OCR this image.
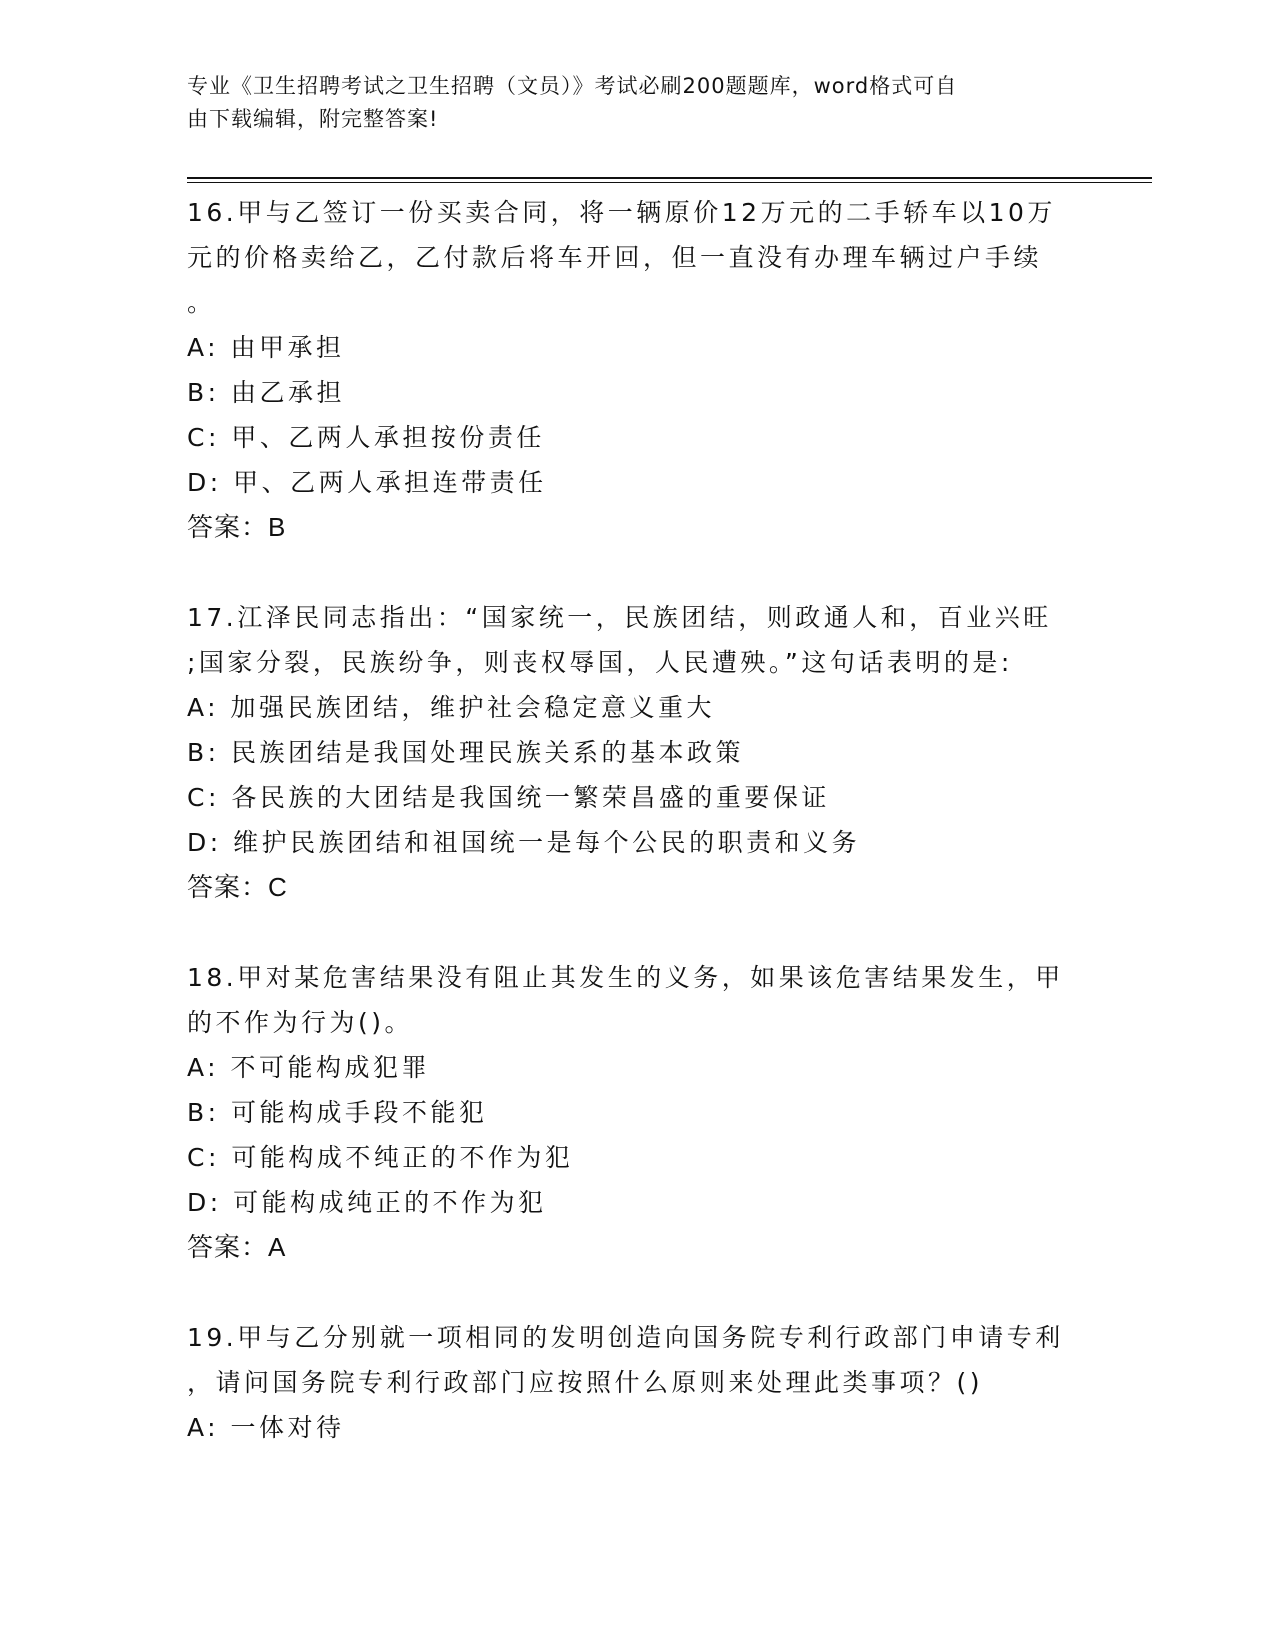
专业《卫生招聘考试之卫生招聘（文员）》考试必刷200题题库，word格式可自
由下载编辑，附完整答案!
16.甲与乙签订一份买卖合同，将一辆原价12万元的二手轿车以10万
元的价格卖给乙，乙付款后将车开回，但一直没有办理车辆过户手续
。
A: 由甲承担
B: 由乙承担
C: 甲、乙两人承担按份责任
D: 甲、乙两人承担连带责任
答案：B
17.江泽民同志指出：“国家统一，民族团结，则政通人和，百业兴旺
;国家分裂，民族纷争，则丧权辱国，人民遭殃。”这句话表明的是:
A: 加强民族团结，维护社会稳定意义重大
B: 民族团结是我国处理民族关系的基本政策
C: 各民族的大团结是我国统一繁荣昌盛的重要保证
D: 维护民族团结和祖国统一是每个公民的职责和义务
答案：C
18.甲对某危害结果没有阻止其发生的义务，如果该危害结果发生，甲
的不作为行为()。
A: 不可能构成犯罪
B: 可能构成手段不能犯
C: 可能构成不纯正的不作为犯
D: 可能构成纯正的不作为犯
答案：A
19.甲与乙分别就一项相同的发明创造向国务院专利行政部门申请专利
，请问国务院专利行政部门应按照什么原则来处理此类事项？()
A: 一体对待
